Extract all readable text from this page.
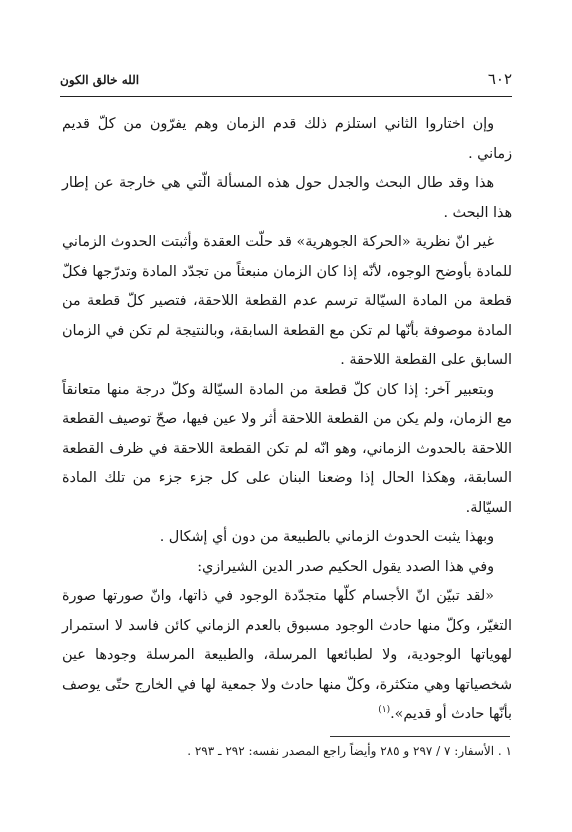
٦٠٢
الله خالق الكون

وإن اختاروا الثاني استلزم ذلك قدم الزمان وهم يفرّون من كلّ قديم زماني .

هذا وقد طال البحث والجدل حول هذه المسألة الّتي هي خارجة عن إطار هذا البحث .

غير انّ نظرية «الحركة الجوهرية» قد حلّت العقدة وأثبتت الحدوث الزماني للمادة بأوضح الوجوه، لأنّه إذا كان الزمان منبعثاً من تجدّد المادة وتدرّجها فكلّ قطعة من المادة السيّالة ترسم عدم القطعة اللاحقة، فتصير كلّ قطعة من المادة موصوفة بأنّها لم تكن مع القطعة السابقة، وبالنتيجة لم تكن في الزمان السابق على القطعة اللاحقة .

وبتعبير آخر: إذا كان كلّ قطعة من المادة السيّالة وكلّ درجة منها متعانقاً مع الزمان، ولم يكن من القطعة اللاحقة أثر ولا عين فيها، صحّ توصيف القطعة اللاحقة بالحدوث الزماني، وهو انّه لم تكن القطعة اللاحقة في ظرف القطعة السابقة، وهكذا الحال إذا وضعنا البنان على كل جزء جزء من تلك المادة السيّالة.

وبهذا يثبت الحدوث الزماني بالطبيعة من دون أي إشكال .

وفي هذا الصدد يقول الحكيم صدر الدين الشيرازي:

«لقد تبيّن انّ الأجسام كلّها متجدّدة الوجود في ذاتها، وانّ صورتها صورة التغيّر، وكلّ منها حادث الوجود مسبوق بالعدم الزماني كائن فاسد لا استمرار لهوياتها الوجودية، ولا لطبائعها المرسلة، والطبيعة المرسلة وجودها عين شخصياتها وهي متكثرة، وكلّ منها حادث ولا جمعية لها في الخارج حتّى يوصف بأنّها حادث أو قديم».$^{(١)}$

١ . الأسفار: ٧ / ٢٩٧ و ٢٨٥ وأيضاً راجع المصدر نفسه: ٢٩٢ ـ ٢٩٣ .
